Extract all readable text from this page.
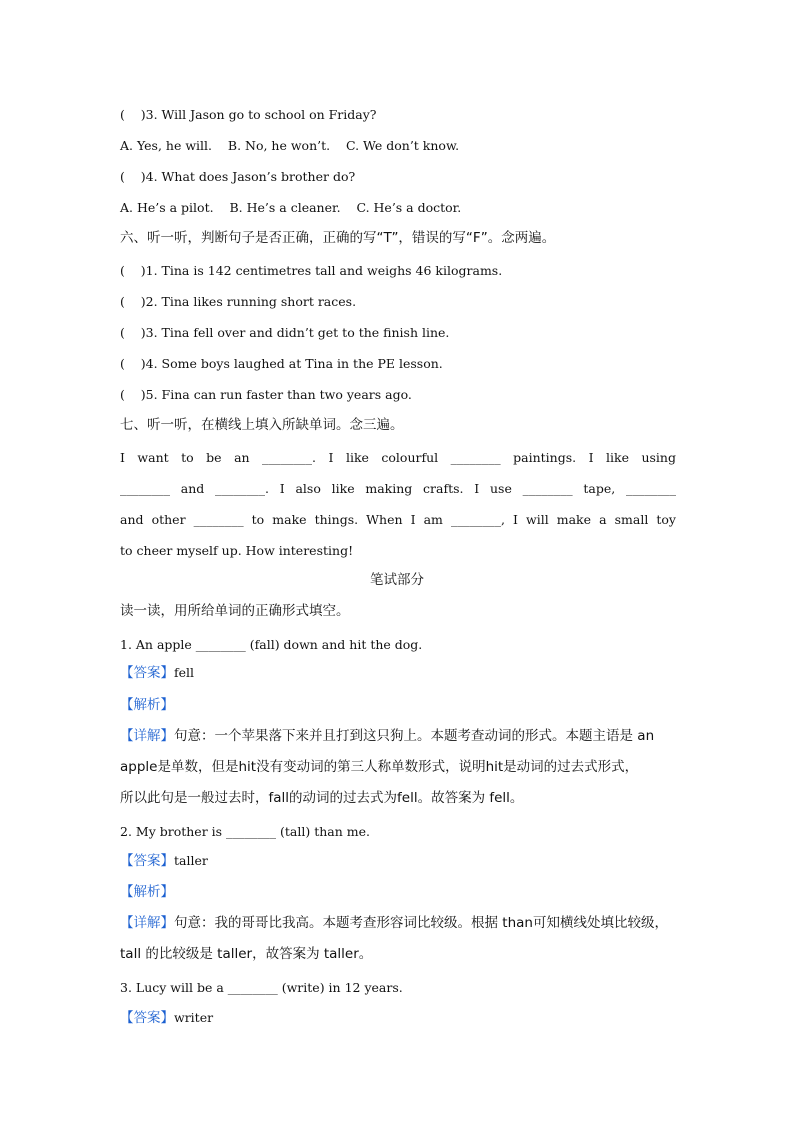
(    )3. Will Jason go to school on Friday?
A. Yes, he will.    B. No, he won’t.    C. We don’t know.
(    )4. What does Jason’s brother do?
A. He’s a pilot.    B. He’s a cleaner.    C. He’s a doctor.
六、听一听，判断句子是否正确，正确的写“T”，错误的写“F”。念两遍。
(    )1. Tina is 142 centimetres tall and weighs 46 kilograms.
(    )2. Tina likes running short races.
(    )3. Tina fell over and didn’t get to the finish line.
(    )4. Some boys laughed at Tina in the PE lesson.
(    )5. Fina can run faster than two years ago.
七、听一听，在横线上填入所缺单词。念三遍。
I want to be an ________. I like colourful ________ paintings. I like using
________ and ________. I also like making crafts. I use ________ tape, ________
and other ________ to make things. When I am ________, I will make a small toy
to cheer myself up. How interesting!
笔试部分
读一读，用所给单词的正确形式填空。
1. An apple ________ (fall) down and hit the dog.
【答案】fell
【解析】
【详解】句意：一个苹果落下来并且打到这只狗上。本题考查动词的形式。本题主语是 an
apple是单数，但是hit没有变动词的第三人称单数形式，说明hit是动词的过去式形式，
所以此句是一般过去时，fall的动词的过去式为fell。故答案为 fell。
2. My brother is ________ (tall) than me.
【答案】taller
【解析】
【详解】句意：我的哥哥比我高。本题考查形容词比较级。根据 than可知横线处填比较级，
tall 的比较级是 taller，故答案为 taller。
3. Lucy will be a ________ (write) in 12 years.
【答案】writer
